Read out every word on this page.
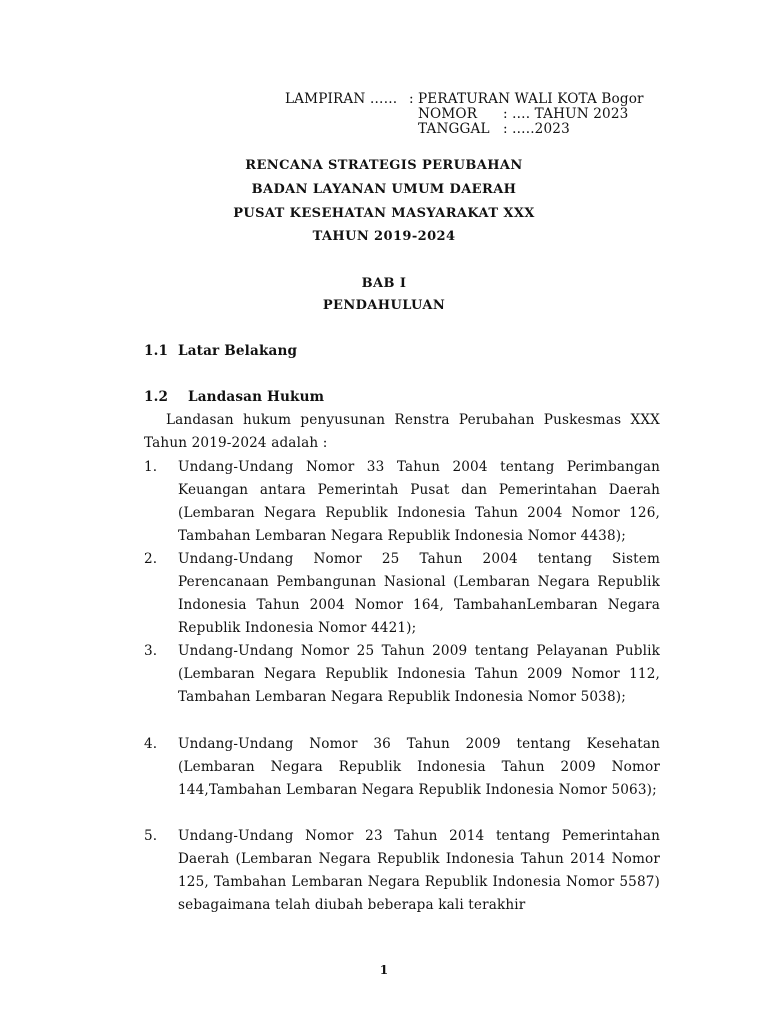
LAMPIRAN …… : PERATURAN WALI KOTA Bogor
NOMOR : …. TAHUN 2023
TANGGAL : …..2023
RENCANA STRATEGIS PERUBAHAN
BADAN LAYANAN UMUM DAERAH
PUSAT KESEHATAN MASYARAKAT XXX
TAHUN 2019-2024
BAB I
PENDAHULUAN
1.1 Latar Belakang
1.2 Landasan Hukum
Landasan hukum penyusunan Renstra Perubahan Puskesmas XXX Tahun 2019-2024 adalah :
1. Undang-Undang Nomor 33 Tahun 2004 tentang Perimbangan Keuangan antara Pemerintah Pusat dan Pemerintahan Daerah (Lembaran Negara Republik Indonesia Tahun 2004 Nomor 126, Tambahan Lembaran Negara Republik Indonesia Nomor 4438);
2. Undang-Undang Nomor 25 Tahun 2004 tentang Sistem Perencanaan Pembangunan Nasional (Lembaran Negara Republik Indonesia Tahun 2004 Nomor 164, TambahanLembaran Negara Republik Indonesia Nomor 4421);
3. Undang-Undang Nomor 25 Tahun 2009 tentang Pelayanan Publik (Lembaran Negara Republik Indonesia Tahun 2009 Nomor 112, Tambahan Lembaran Negara Republik Indonesia Nomor 5038);
4. Undang-Undang Nomor 36 Tahun 2009 tentang Kesehatan (Lembaran Negara Republik Indonesia Tahun 2009 Nomor 144,Tambahan Lembaran Negara Republik Indonesia Nomor 5063);
5. Undang-Undang Nomor 23 Tahun 2014 tentang Pemerintahan Daerah (Lembaran Negara Republik Indonesia Tahun 2014 Nomor 125, Tambahan Lembaran Negara Republik Indonesia Nomor 5587) sebagaimana telah diubah beberapa kali terakhir
1
